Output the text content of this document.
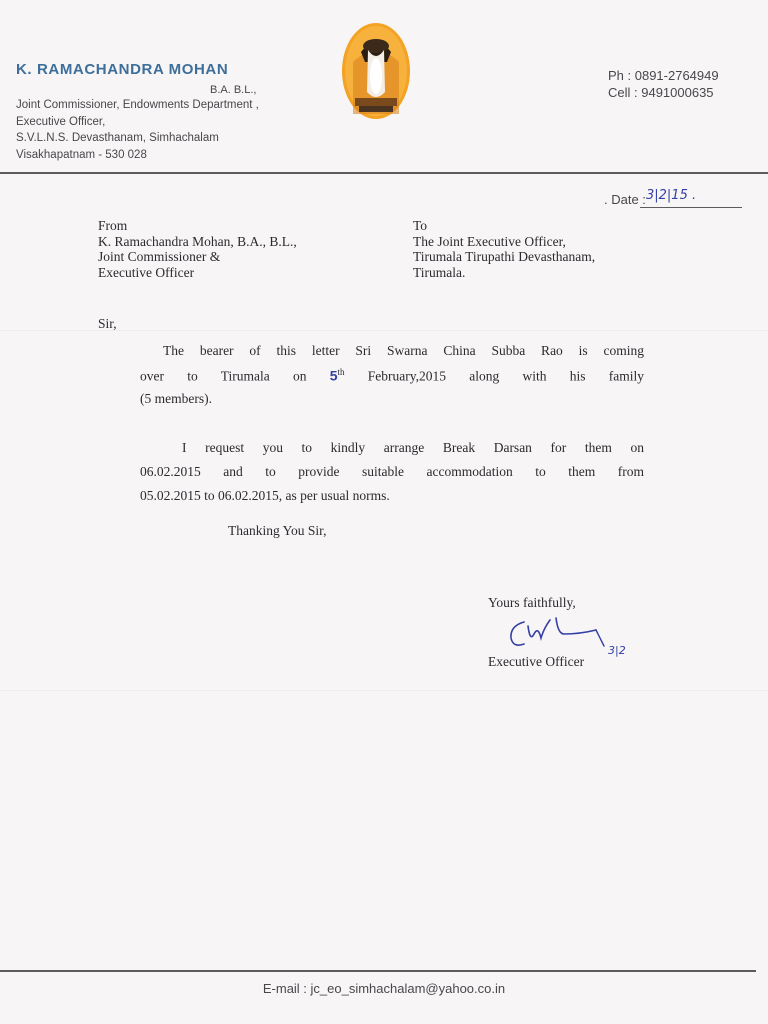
K. RAMACHANDRA MOHAN
B.A. B.L.,
Joint Commissioner, Endowments Department ,
Executive Officer,
S.V.L.N.S. Devasthanam, Simhachalam
Visakhapatnam - 530 028
Ph : 0891-2764949
Cell : 9491000635
. Date : 3|2|15 .
From
K. Ramachandra Mohan, B.A., B.L.,
Joint Commissioner &
Executive Officer
To
The Joint Executive Officer,
Tirumala Tirupathi Devasthanam,
Tirumala.
Sir,
The bearer of this letter Sri Swarna China Subba Rao is coming
over to Tirumala on 5th February,2015 along with his family
(5 members).
I request you to kindly arrange Break Darsan for them on
06.02.2015 and to provide suitable accommodation to them from
05.02.2015 to 06.02.2015, as per usual norms.
Thanking You Sir,
Yours faithfully,
3|2
Executive Officer
E-mail : jc_eo_simhachalam@yahoo.co.in
